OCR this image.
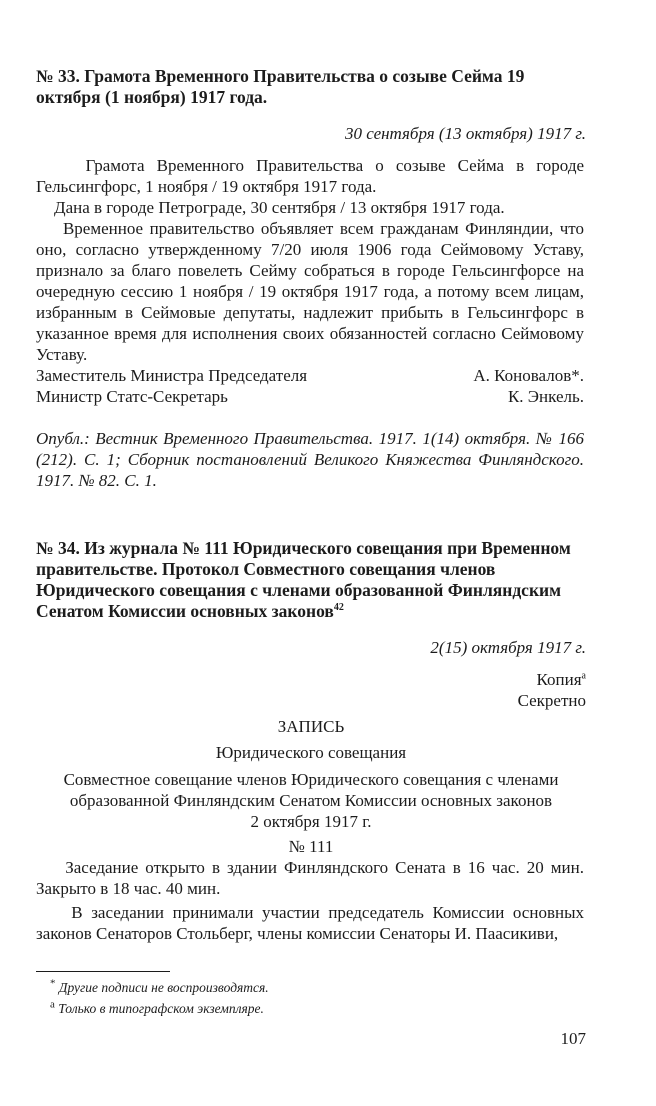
№ 33. Грамота Временного Правительства о созыве Сейма 19 октября (1 ноября) 1917 года.
30 сентября (13 октября) 1917 г.

Грамота Временного Правительства о созыве Сейма в городе Гельсингфорс, 1 ноября / 19 октября 1917 года.

Дана в городе Петрограде, 30 сентября / 13 октября 1917 года.

Временное правительство объявляет всем гражданам Финляндии, что оно, согласно утвержденному 7/20 июля 1906 года Сеймовому Уставу, признало за благо повелеть Сейму собраться в городе Гельсингфорсе на очередную сессию 1 ноября / 19 октября 1917 года, а потому всем лицам, избранным в Сеймовые депутаты, надлежит прибыть в Гельсингфорс в указанное время для исполнения своих обязанностей согласно Сеймовому Уставу.

Заместитель Министра Председателя	А. Коновалов*.
Министр Статс-Секретарь	К. Энкель.

Опубл.: Вестник Временного Правительства. 1917. 1(14) октября. № 166 (212). С. 1; Сборник постановлений Великого Княжества Финляндского. 1917. № 82. С. 1.

№ 34. Из журнала № 111 Юридического совещания при Временном правительстве. Протокол Совместного совещания членов Юридического совещания с членами образованной Финляндским Сенатом Комиссии основных законов$^{42}$
2(15) октября 1917 г.
Копия$^а$
Секретно
ЗАПИСЬ
Юридического совещания
Совместное совещание членов Юридического совещания с членами
образованной Финляндским Сенатом Комиссии основных законов
2 октября 1917 г.
№ 111

Заседание открыто в здании Финляндского Сената в 16 час. 20 мин. Закрыто в 18 час. 40 мин.

В заседании принимали участии председатель Комиссии основных законов Сенаторов Стольберг, члены комиссии Сенаторы И. Паасикиви,

* Другие подписи не воспроизводятся.
$^а$ Только в типографском экземпляре.
107
